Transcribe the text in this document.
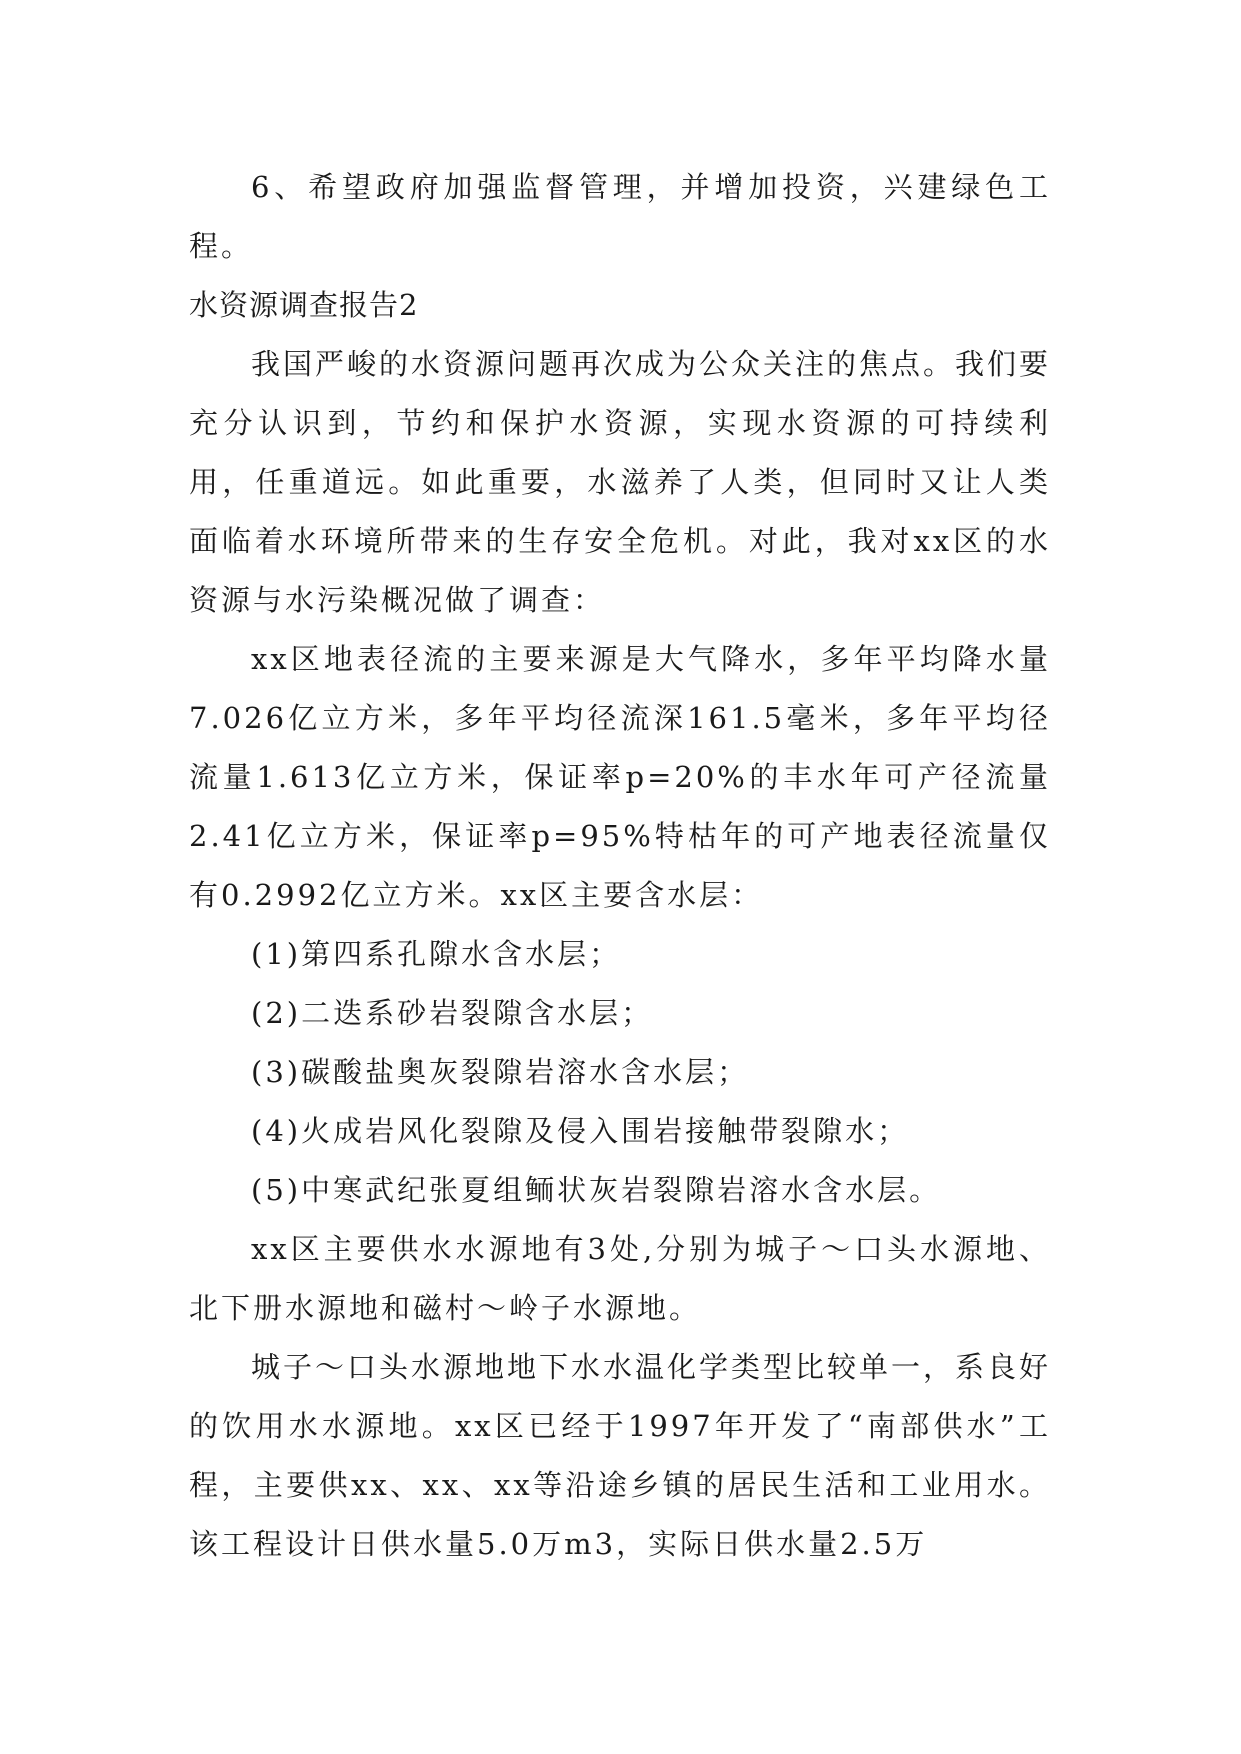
6、希望政府加强监督管理，并增加投资，兴建绿色工程。

水资源调查报告2

我国严峻的水资源问题再次成为公众关注的焦点。我们要充分认识到，节约和保护水资源，实现水资源的可持续利用，任重道远。如此重要，水滋养了人类，但同时又让人类面临着水环境所带来的生存安全危机。对此，我对xx区的水资源与水污染概况做了调查：

xx区地表径流的主要来源是大气降水，多年平均降水量7.026亿立方米，多年平均径流深161.5毫米，多年平均径流量1.613亿立方米，保证率p=20%的丰水年可产径流量2.41亿立方米，保证率p=95%特枯年的可产地表径流量仅有0.2992亿立方米。xx区主要含水层：

(1)第四系孔隙水含水层；

(2)二迭系砂岩裂隙含水层；

(3)碳酸盐奥灰裂隙岩溶水含水层；

(4)火成岩风化裂隙及侵入围岩接触带裂隙水；

(5)中寒武纪张夏组鲕状灰岩裂隙岩溶水含水层。

xx区主要供水水源地有3处,分别为城子～口头水源地、北下册水源地和磁村～岭子水源地。

城子～口头水源地地下水水温化学类型比较单一，系良好的饮用水水源地。xx区已经于1997年开发了“南部供水”工程，主要供xx、xx、xx等沿途乡镇的居民生活和工业用水。该工程设计日供水量5.0万m3，实际日供水量2.5万
